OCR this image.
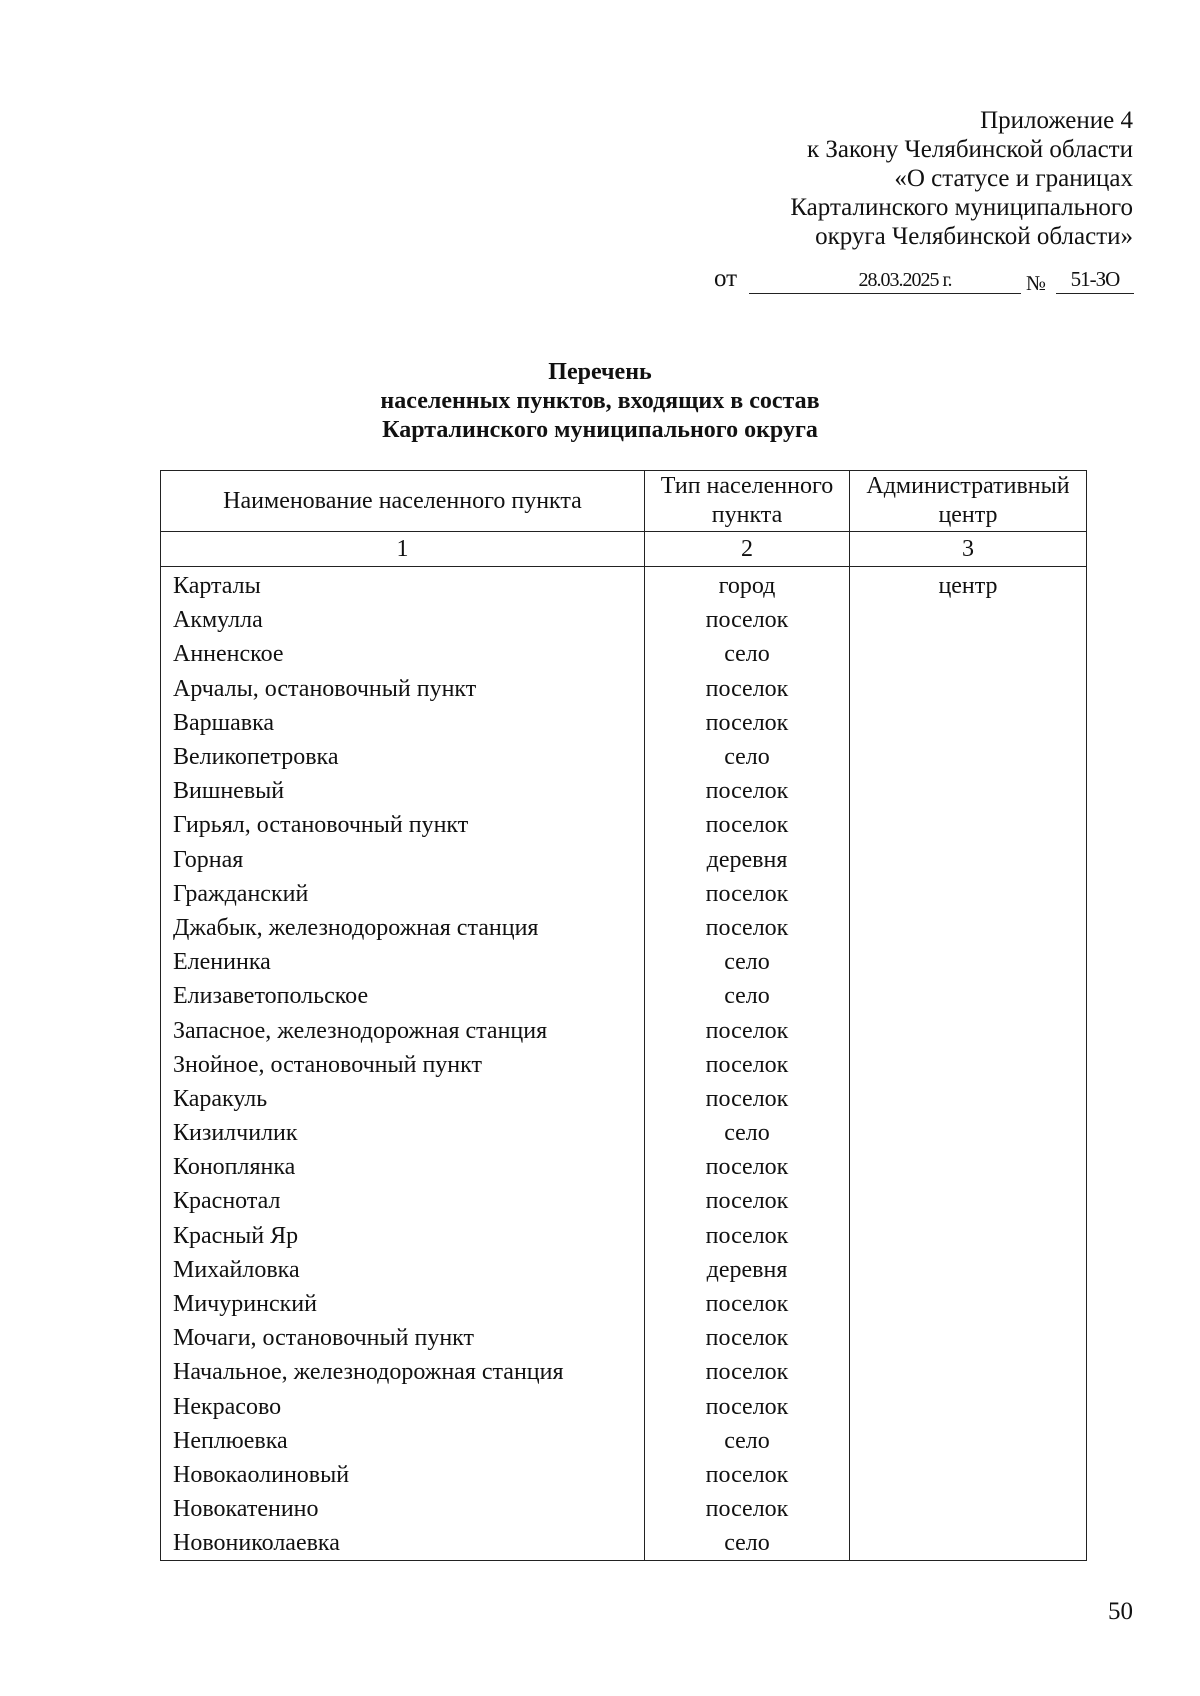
Приложение 4
к Закону Челябинской области
«О статусе и границах
Карталинского муниципального
округа Челябинской области»
от	28.03.2025 г.	№	51-ЗО
Перечень
населенных пунктов, входящих в состав
Карталинского муниципального округа
Наименование населенного пункта	Тип населенного пункта	Административный центр
1	2	3
Карталы	город	центр
Акмулла	поселок	
Анненское	село	
Арчалы, остановочный пункт	поселок	
Варшавка	поселок	
Великопетровка	село	
Вишневый	поселок	
Гирьял, остановочный пункт	поселок	
Горная	деревня	
Гражданский	поселок	
Джабык, железнодорожная станция	поселок	
Еленинка	село	
Елизаветопольское	село	
Запасное, железнодорожная станция	поселок	
Знойное, остановочный пункт	поселок	
Каракуль	поселок	
Кизилчилик	село	
Коноплянка	поселок	
Краснотал	поселок	
Красный Яр	поселок	
Михайловка	деревня	
Мичуринский	поселок	
Мочаги, остановочный пункт	поселок	
Начальное, железнодорожная станция	поселок	
Некрасово	поселок	
Неплюевка	село	
Новокаолиновый	поселок	
Новокатенино	поселок	
Новониколаевка	село	
50
